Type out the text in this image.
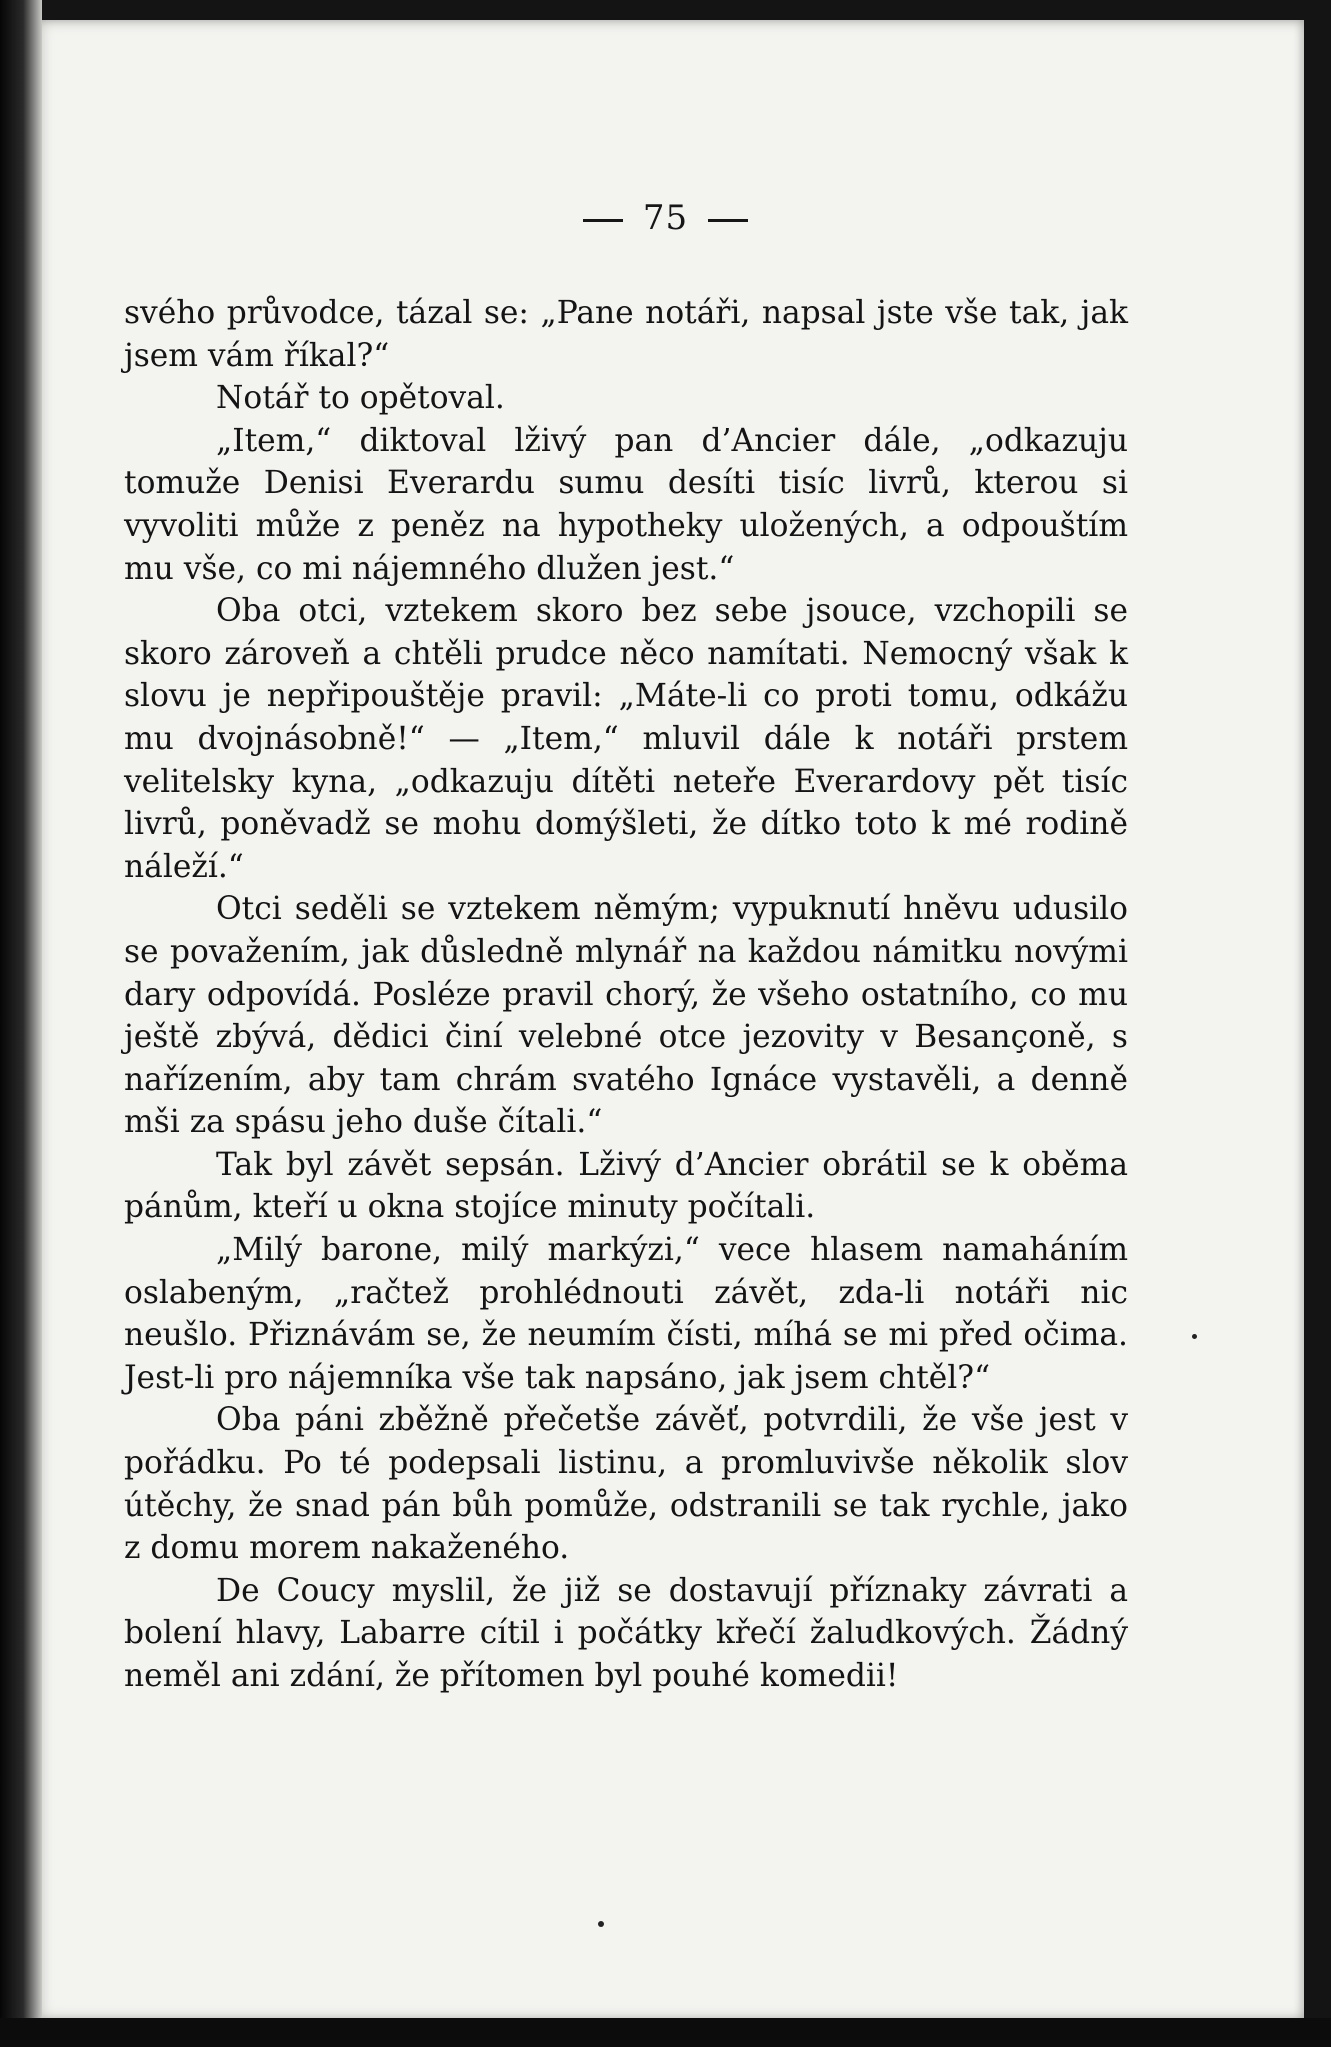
75

svého průvodce, tázal se: „Pane notáři, napsal jste vše tak, jak jsem vám říkal?“

Notář to opětoval.

„Item,“ diktoval lživý pan d’Ancier dále, „odkazuju tomuže Denisi Everardu sumu desíti tisíc livrů, kterou si vyvoliti může z peněz na hypotheky uložených, a odpouštím mu vše, co mi nájemného dlužen jest.“

Oba otci, vztekem skoro bez sebe jsouce, vzchopili se skoro zároveň a chtěli prudce něco namítati. Nemocný však k slovu je nepřipouštěje pravil: „Máte-li co proti tomu, odkážu mu dvojnásobně!“ — „Item,“ mluvil dále k notáři prstem velitelsky kyna, „odkazuju dítěti neteře Everardovy pět tisíc livrů, poněvadž se mohu domýšleti, že dítko toto k mé rodině náleží.“

Otci seděli se vztekem němým; vypuknutí hněvu udusilo se považením, jak důsledně mlynář na každou námitku novými dary odpovídá. Posléze pravil chorý, že všeho ostatního, co mu ještě zbývá, dědici činí velebné otce jezovity v Besançoně, s nařízením, aby tam chrám svatého Ignáce vystavěli, a denně mši za spásu jeho duše čítali.“

Tak byl závět sepsán. Lživý d’Ancier obrátil se k oběma pánům, kteří u okna stojíce minuty počítali.

„Milý barone, milý markýzi,“ vece hlasem namaháním oslabeným, „račtež prohlédnouti závět, zda-li notáři nic neušlo. Přiznávám se, že neumím čísti, míhá se mi před očima. Jest-li pro nájemníka vše tak napsáno, jak jsem chtěl?“

Oba páni zběžně přečetše závěť, potvrdili, že vše jest v pořádku. Po té podepsali listinu, a promluvivše několik slov útěchy, že snad pán bůh pomůže, odstranili se tak rychle, jako z domu morem nakaženého.

De Coucy myslil, že již se dostavují příznaky závrati a bolení hlavy, Labarre cítil i počátky křečí žaludkových. Žádný neměl ani zdání, že přítomen byl pouhé komedii!
